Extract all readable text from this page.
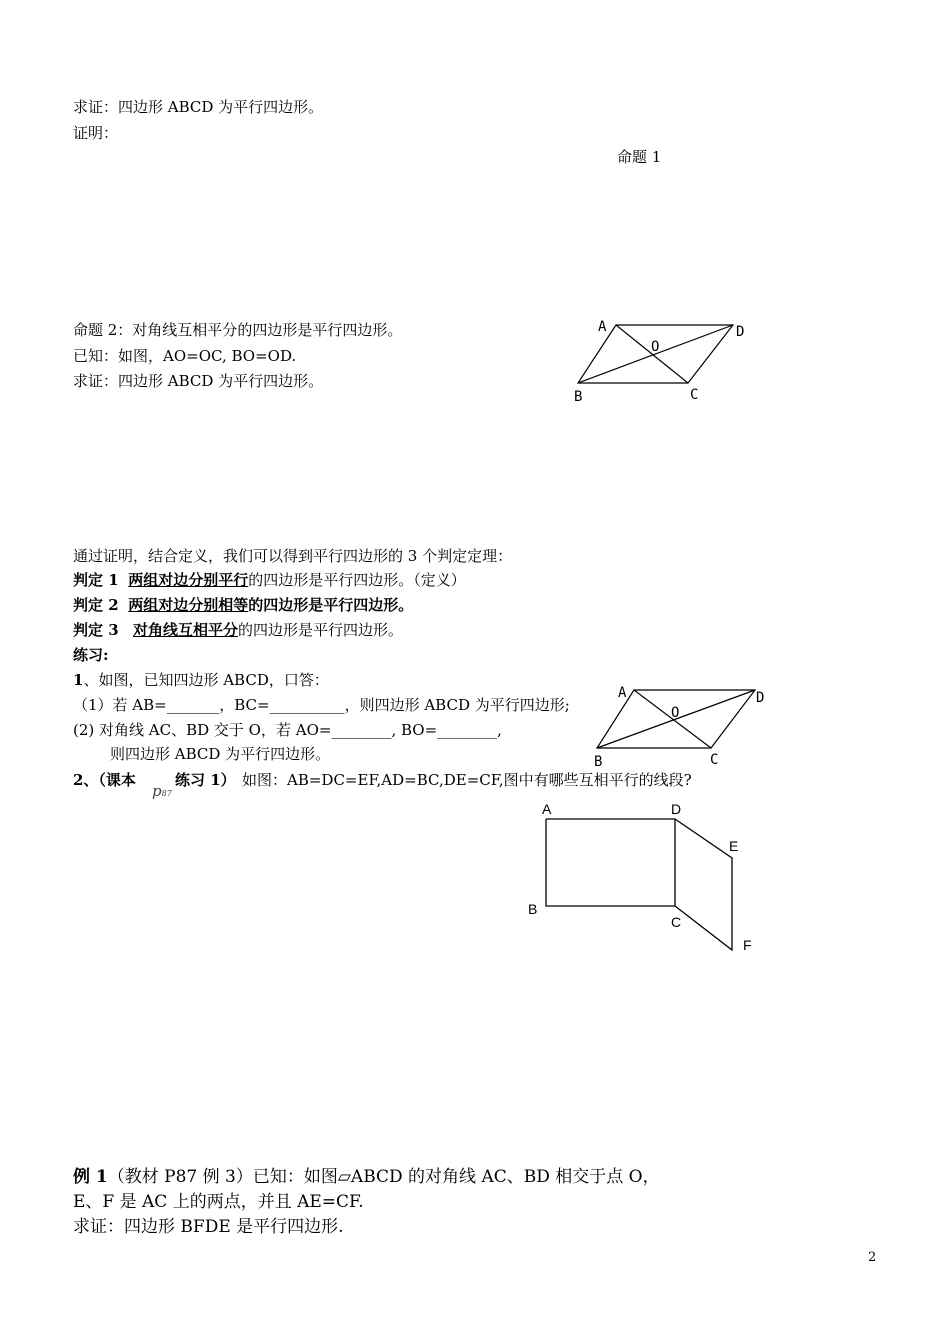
求证：四边形 ABCD 为平行四边形。
证明：
命题 1
命题 2：对角线互相平分的四边形是平行四边形。
已知：如图，AO=OC, BO=OD.
求证：四边形 ABCD 为平行四边形。
A	D
O
B	C
通过证明，结合定义，我们可以得到平行四边形的 3 个判定定理：
判定 1 两组对边分别平行的四边形是平行四边形。（定义）
判定 2 两组对边分别相等的四边形是平行四边形。
判定 3 对角线互相平分的四边形是平行四边形。
练习:
1、如图，已知四边形 ABCD，口答：
（1）若 AB=_______，BC=__________，则四边形 ABCD 为平行四边形;
(2) 对角线 AC、BD 交于 O，若 AO=________, BO=________,
则四边形 ABCD 为平行四边形。
A	D
O
B	C
2、（课本
p87
练习 1） 如图：AB=DC=EF,AD=BC,DE=CF,图中有哪些互相平行的线段?
A	D
E
B
C
F
例 1（教材 P87 例 3）已知：如图▱ABCD 的对角线 AC、BD 相交于点 O，
E、F 是 AC 上的两点，并且 AE=CF.
求证：四边形 BFDE 是平行四边形.
2
